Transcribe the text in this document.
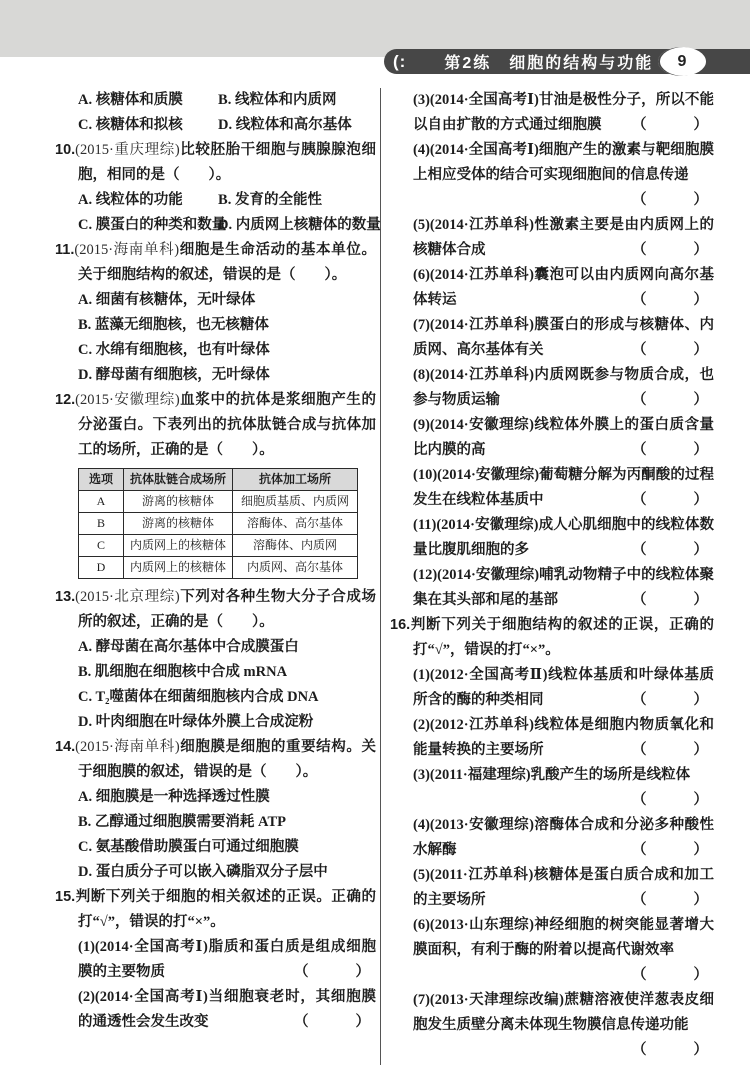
(: 第2练　细胞的结构与功能 9
A. 核糖体和质膜	B. 线粒体和内质网
C. 核糖体和拟核	D. 线粒体和高尔基体
10.(2015·重庆理综)比较胚胎干细胞与胰腺腺泡细胞，相同的是（　　）。
A. 线粒体的功能	B. 发育的全能性
C. 膜蛋白的种类和数量
D. 内质网上核糖体的数量
11.(2015·海南单科)细胞是生命活动的基本单位。关于细胞结构的叙述，错误的是（　　）。
A. 细菌有核糖体，无叶绿体
B. 蓝藻无细胞核，也无核糖体
C. 水绵有细胞核，也有叶绿体
D. 酵母菌有细胞核，无叶绿体
12.(2015·安徽理综)血浆中的抗体是浆细胞产生的分泌蛋白。下表列出的抗体肽链合成与抗体加工的场所，正确的是（　　）。
选项	抗体肽链合成场所	抗体加工场所
A	游离的核糖体	细胞质基质、内质网
B	游离的核糖体	溶酶体、高尔基体
C	内质网上的核糖体	溶酶体、内质网
D	内质网上的核糖体	内质网、高尔基体
13.(2015·北京理综)下列对各种生物大分子合成场所的叙述，正确的是（　　）。
A. 酵母菌在高尔基体中合成膜蛋白
B. 肌细胞在细胞核中合成 mRNA
C. T₂噬菌体在细菌细胞核内合成 DNA
D. 叶肉细胞在叶绿体外膜上合成淀粉
14.(2015·海南单科)细胞膜是细胞的重要结构。关于细胞膜的叙述，错误的是（　　）。
A. 细胞膜是一种选择透过性膜
B. 乙醇通过细胞膜需要消耗 ATP
C. 氨基酸借助膜蛋白可通过细胞膜
D. 蛋白质分子可以嵌入磷脂双分子层中
15.判断下列关于细胞的相关叙述的正误。正确的打“√”，错误的打“×”。
(1)(2014·全国高考Ⅰ)脂质和蛋白质是组成细胞膜的主要物质	（　　）
(2)(2014·全国高考Ⅰ)当细胞衰老时，其细胞膜的通透性会发生改变	（　　）
(3)(2014·全国高考Ⅰ)甘油是极性分子，所以不能以自由扩散的方式通过细胞膜 （　　）
(4)(2014·全国高考Ⅰ)细胞产生的激素与靶细胞膜上相应受体的结合可实现细胞间的信息传递
（　　）
(5)(2014·江苏单科)性激素主要是由内质网上的核糖体合成	（　　）
(6)(2014·江苏单科)囊泡可以由内质网向高尔基体转运	（　　）
(7)(2014·江苏单科)膜蛋白的形成与核糖体、内质网、高尔基体有关	（　　）
(8)(2014·江苏单科)内质网既参与物质合成，也参与物质运输	（　　）
(9)(2014·安徽理综)线粒体外膜上的蛋白质含量比内膜的高	（　　）
(10)(2014·安徽理综)葡萄糖分解为丙酮酸的过程发生在线粒体基质中	（　　）
(11)(2014·安徽理综)成人心肌细胞中的线粒体数量比腹肌细胞的多	（　　）
(12)(2014·安徽理综)哺乳动物精子中的线粒体聚集在其头部和尾的基部	（　　）
16.判断下列关于细胞结构的叙述的正误，正确的打“√”，错误的打“×”。
(1)(2012·全国高考Ⅱ)线粒体基质和叶绿体基质所含的酶的种类相同	（　　）
(2)(2012·江苏单科)线粒体是细胞内物质氧化和能量转换的主要场所	（　　）
(3)(2011·福建理综)乳酸产生的场所是线粒体
（　　）
(4)(2013·安徽理综)溶酶体合成和分泌多种酸性水解酶	（　　）
(5)(2011·江苏单科)核糖体是蛋白质合成和加工的主要场所	（　　）
(6)(2013·山东理综)神经细胞的树突能显著增大膜面积，有利于酶的附着以提高代谢效率
（　　）
(7)(2013·天津理综改编)蔗糖溶液使洋葱表皮细胞发生质壁分离未体现生物膜信息传递功能
（　　）
